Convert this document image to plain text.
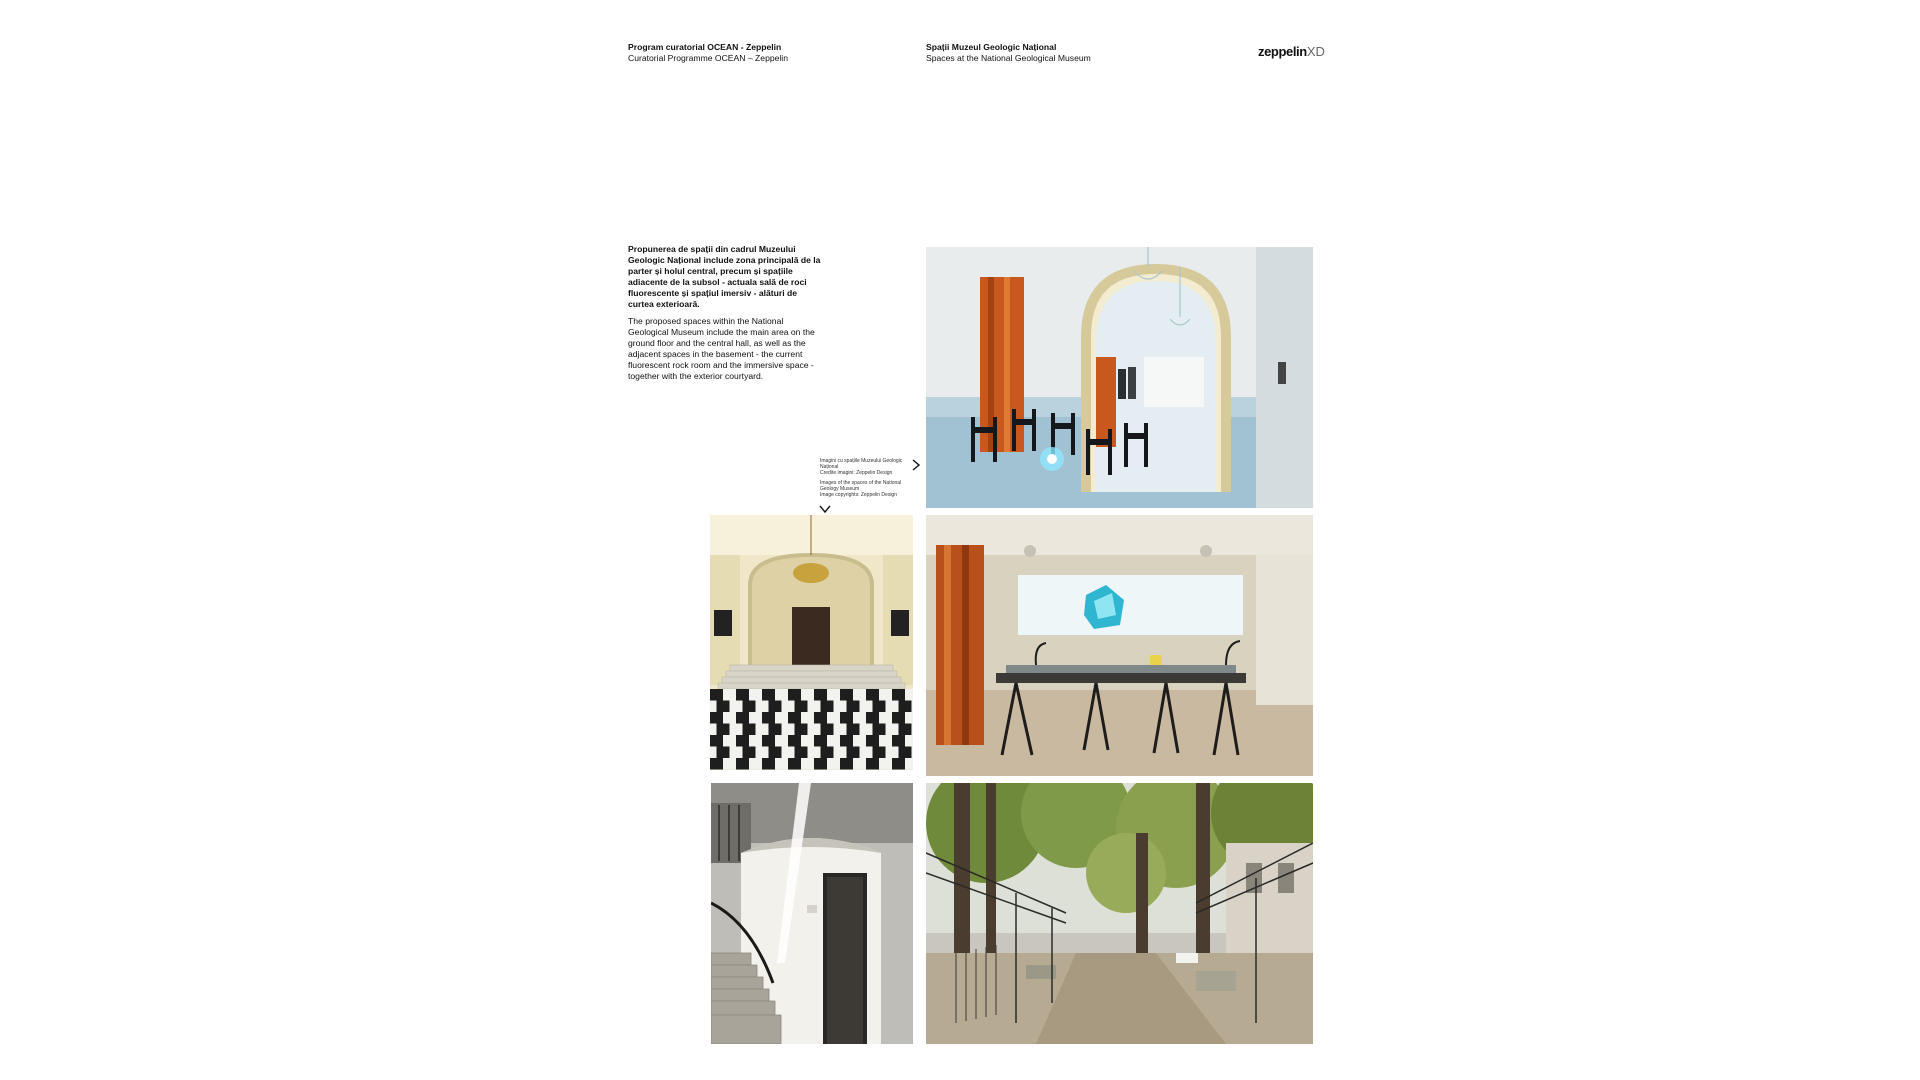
Program curatorial OCEAN - Zeppelin
Curatorial Programme OCEAN – Zeppelin
Spații Muzeul Geologic Național
Spaces at the National Geological Museum	zeppelinXD
Propunerea de spații din cadrul Muzeului Geologic Național include zona principală de la parter și holul central, precum și spațiile adiacente de la subsol - actuala sală de roci fluorescente și spațiul imersiv - alături de curtea exterioară.
The proposed spaces within the National Geological Museum include the main area on the ground floor and the central hall, as well as the adjacent spaces in the basement - the current fluorescent rock room and the immersive space - together with the exterior courtyard.
Imagini cu spațiile Muzeului Geologic
Național
Credite imagini: Zeppelin Design
Images of the spaces of the National
Geology Museum
Image copyrights: Zeppelin Design
